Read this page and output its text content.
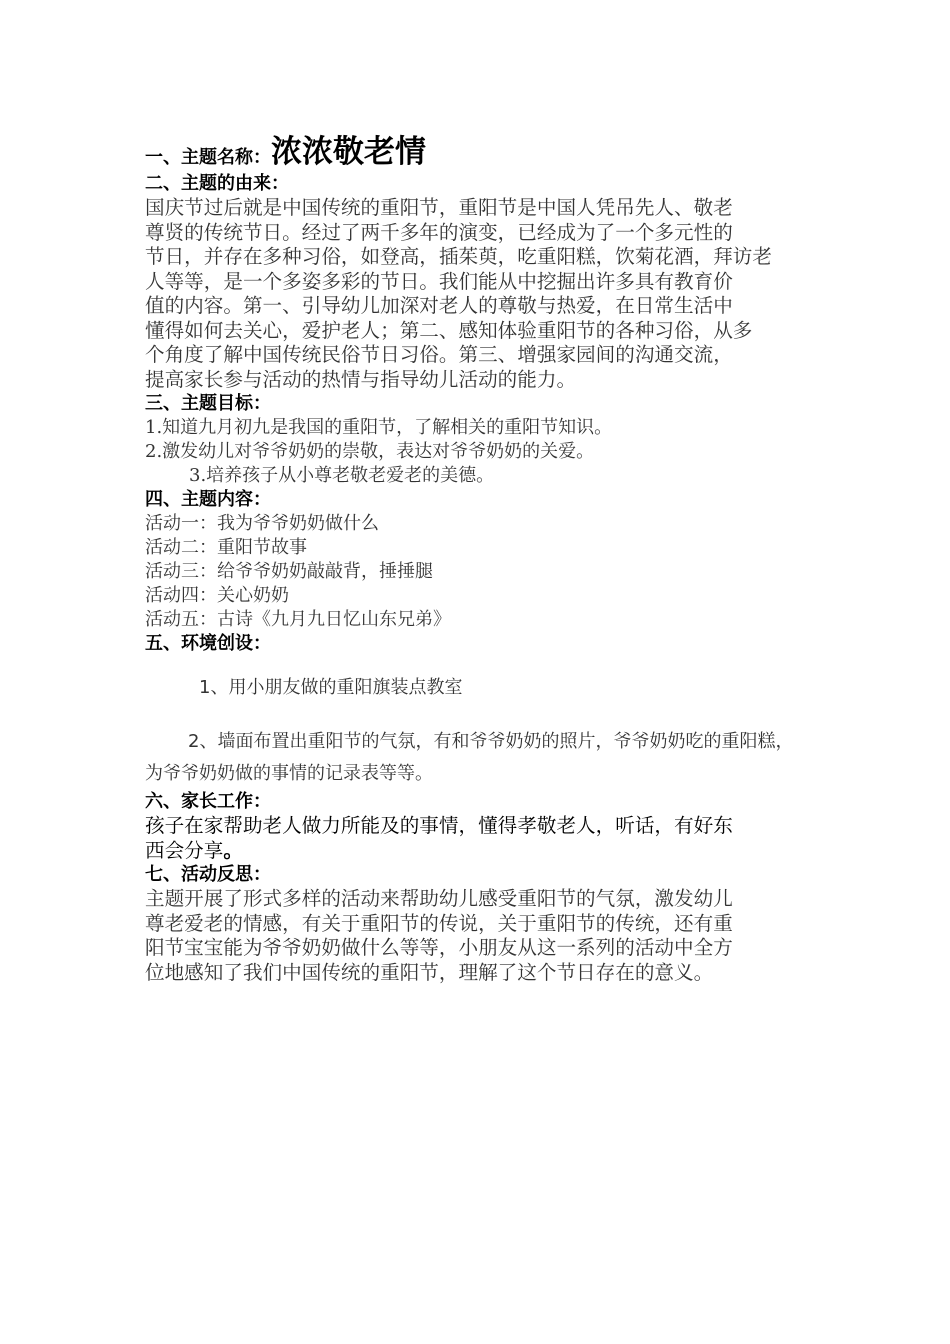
一、主题名称： 浓浓敬老情
二、主题的由来：
国庆节过后就是中国传统的重阳节，重阳节是中国人凭吊先人、敬老
尊贤的传统节日。经过了两千多年的演变，已经成为了一个多元性的
节日，并存在多种习俗，如登高，插茱萸，吃重阳糕，饮菊花酒，拜访老
人等等，是一个多姿多彩的节日。我们能从中挖掘出许多具有教育价
值的内容。第一、引导幼儿加深对老人的尊敬与热爱，在日常生活中
懂得如何去关心，爱护老人；第二、感知体验重阳节的各种习俗，从多
个角度了解中国传统民俗节日习俗。第三、增强家园间的沟通交流，
提高家长参与活动的热情与指导幼儿活动的能力。
三、主题目标：
1.知道九月初九是我国的重阳节，了解相关的重阳节知识。
2.激发幼儿对爷爷奶奶的崇敬，表达对爷爷奶奶的关爱。
3.培养孩子从小尊老敬老爱老的美德。
四、主题内容：
活动一：我为爷爷奶奶做什么
活动二：重阳节故事
活动三：给爷爷奶奶敲敲背，捶捶腿
活动四：关心奶奶
活动五：古诗《九月九日忆山东兄弟》
五、环境创设：
1、用小朋友做的重阳旗装点教室
2、墙面布置出重阳节的气氛，有和爷爷奶奶的照片，爷爷奶奶吃的重阳糕，为爷爷奶奶做的事情的记录表等等。
六、家长工作：
孩子在家帮助老人做力所能及的事情，懂得孝敬老人，听话，有好东
西会分享。
七、活动反思：
主题开展了形式多样的活动来帮助幼儿感受重阳节的气氛，激发幼儿
尊老爱老的情感，有关于重阳节的传说，关于重阳节的传统，还有重
阳节宝宝能为爷爷奶奶做什么等等，小朋友从这一系列的活动中全方
位地感知了我们中国传统的重阳节，理解了这个节日存在的意义。
